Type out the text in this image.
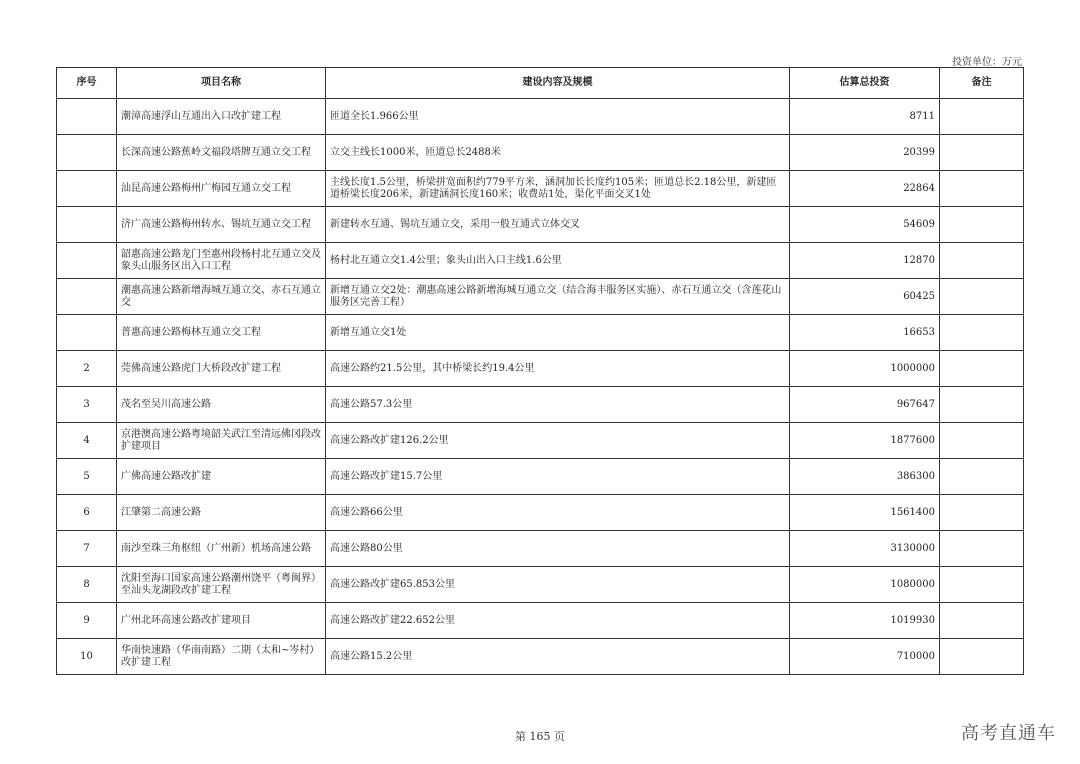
投资单位：万元
序号	项目名称	建设内容及规模	估算总投资	备注
	潮漳高速浮山互通出入口改扩建工程	匝道全长1.966公里	8711	
	长深高速公路蕉岭文福段塔牌互通立交工程	立交主线长1000米，匝道总长2488米	20399	
	汕昆高速公路梅州广梅园互通立交工程	主线长度1.5公里，桥梁拼宽面积约779平方米，涵洞加长长度约105米；匝道总长2.18公里，新建匝道桥梁长度206米，新建涵洞长度160米；收费站1处，渠化平面交叉1处	22864	
	济广高速公路梅州转水、锡坑互通立交工程	新建转水互通、锡坑互通立交，采用一般互通式立体交叉	54609	
	韶惠高速公路龙门至惠州段杨村北互通立交及象头山服务区出入口工程	杨村北互通立交1.4公里；象头山出入口主线1.6公里	12870	
	潮惠高速公路新增海城互通立交、赤石互通立交	新增互通立交2处：潮惠高速公路新增海城互通立交（结合海丰服务区实施）、赤石互通立交（含莲花山服务区完善工程）	60425	
	普惠高速公路梅林互通立交工程	新增互通立交1处	16653	
2	莞佛高速公路虎门大桥段改扩建工程	高速公路约21.5公里，其中桥梁长约19.4公里	1000000	
3	茂名至吴川高速公路	高速公路57.3公里	967647	
4	京港澳高速公路粤境韶关武江至清远佛冈段改扩建项目	高速公路改扩建126.2公里	1877600	
5	广佛高速公路改扩建	高速公路改扩建15.7公里	386300	
6	江肇第二高速公路	高速公路66公里	1561400	
7	南沙至珠三角枢纽（广州新）机场高速公路	高速公路80公里	3130000	
8	沈阳至海口国家高速公路潮州饶平（粤闽界）至汕头龙湖段改扩建工程	高速公路改扩建65.853公里	1080000	
9	广州北环高速公路改扩建项目	高速公路改扩建22.652公里	1019930	
10	华南快速路（华南南路）二期（太和~岑村）改扩建工程	高速公路15.2公里	710000	
第 165 页	高考直通车
